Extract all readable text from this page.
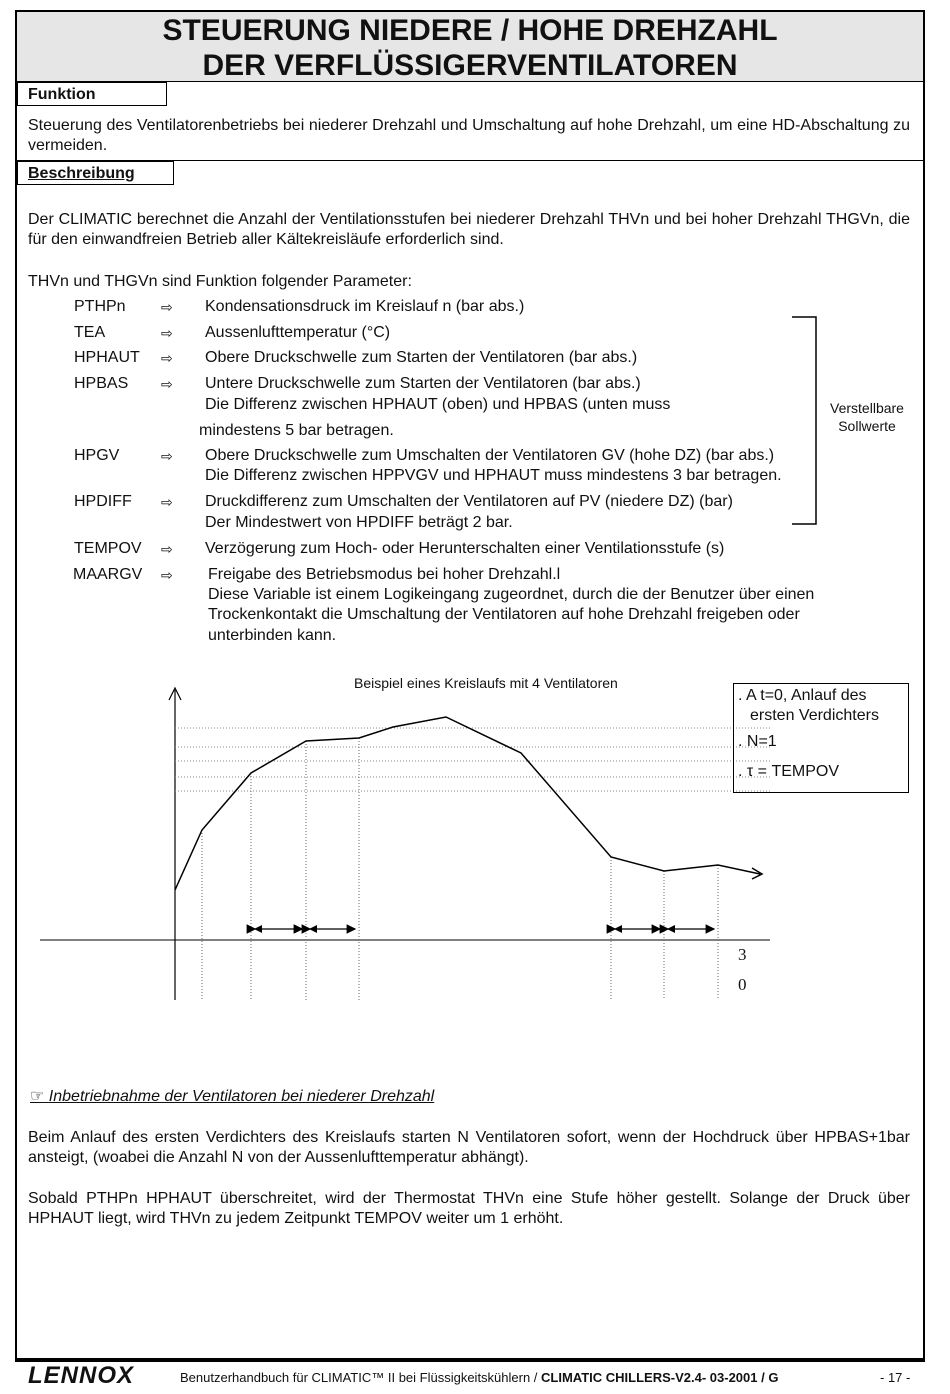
STEUERUNG NIEDERE / HOHE DREHZAHL
DER VERFLÜSSIGERVENTILATOREN
Funktion
Steuerung des Ventilatorenbetriebs bei niederer Drehzahl und Umschaltung auf hohe Drehzahl, um eine HD-Abschaltung zu vermeiden.
Beschreibung
Der CLIMATIC berechnet die Anzahl der Ventilationsstufen bei niederer Drehzahl THVn und bei hoher Drehzahl THGVn, die für den einwandfreien Betrieb aller Kältekreisläufe erforderlich sind.
THVn und THGVn sind Funktion folgender Parameter:
PTHPn	⇨ Kondensationsdruck im Kreislauf n (bar abs.)
TEA	⇨ Aussenlufttemperatur (°C)
HPHAUT ⇨ Obere Druckschwelle zum Starten der Ventilatoren (bar abs.)
HPBAS ⇨ Untere Druckschwelle zum Starten der Ventilatoren (bar abs.)
Die Differenz zwischen HPHAUT (oben) und HPBAS (unten muss
mindestens 5 bar betragen.
HPGV	⇨ Obere Druckschwelle zum Umschalten der Ventilatoren GV (hohe DZ) (bar abs.)
Die Differenz zwischen HPPVGV und HPHAUT muss mindestens 3 bar betragen.
HPDIFF ⇨ Druckdifferenz zum Umschalten der Ventilatoren auf PV (niedere DZ) (bar)
Der Mindestwert von HPDIFF beträgt 2 bar.
TEMPOV ⇨ Verzögerung zum Hoch- oder Herunterschalten einer Ventilationsstufe (s)
MAARGV ⇨ Freigabe des Betriebsmodus bei hoher Drehzahl.l
Diese Variable ist einem Logikeingang zugeordnet, durch die der Benutzer über einen
Trockenkontakt die Umschaltung der Ventilatoren auf hohe Drehzahl freigeben oder
unterbinden kann.
Verstellbare
Sollwerte
Beispiel eines Kreislaufs mit 4 Ventilatoren
3
0
. A t=0, Anlauf des
ersten Verdichters
. N=1
. τ = TEMPOV
☞ Inbetriebnahme der Ventilatoren bei niederer Drehzahl
Beim Anlauf des ersten Verdichters des Kreislaufs starten N Ventilatoren sofort, wenn der Hochdruck über HPBAS+1bar ansteigt, (woabei die Anzahl N von der Aussenlufttemperatur abhängt).
Sobald PTHPn HPHAUT überschreitet, wird der Thermostat THVn eine Stufe höher gestellt. Solange der Druck über HPHAUT liegt, wird THVn zu jedem Zeitpunkt TEMPOV weiter um 1 erhöht.
LENNOX	Benutzerhandbuch für CLIMATIC™ II bei Flüssigkeitskühlern / CLIMATIC CHILLERS-V2.4- 03-2001 / G	- 17 -
